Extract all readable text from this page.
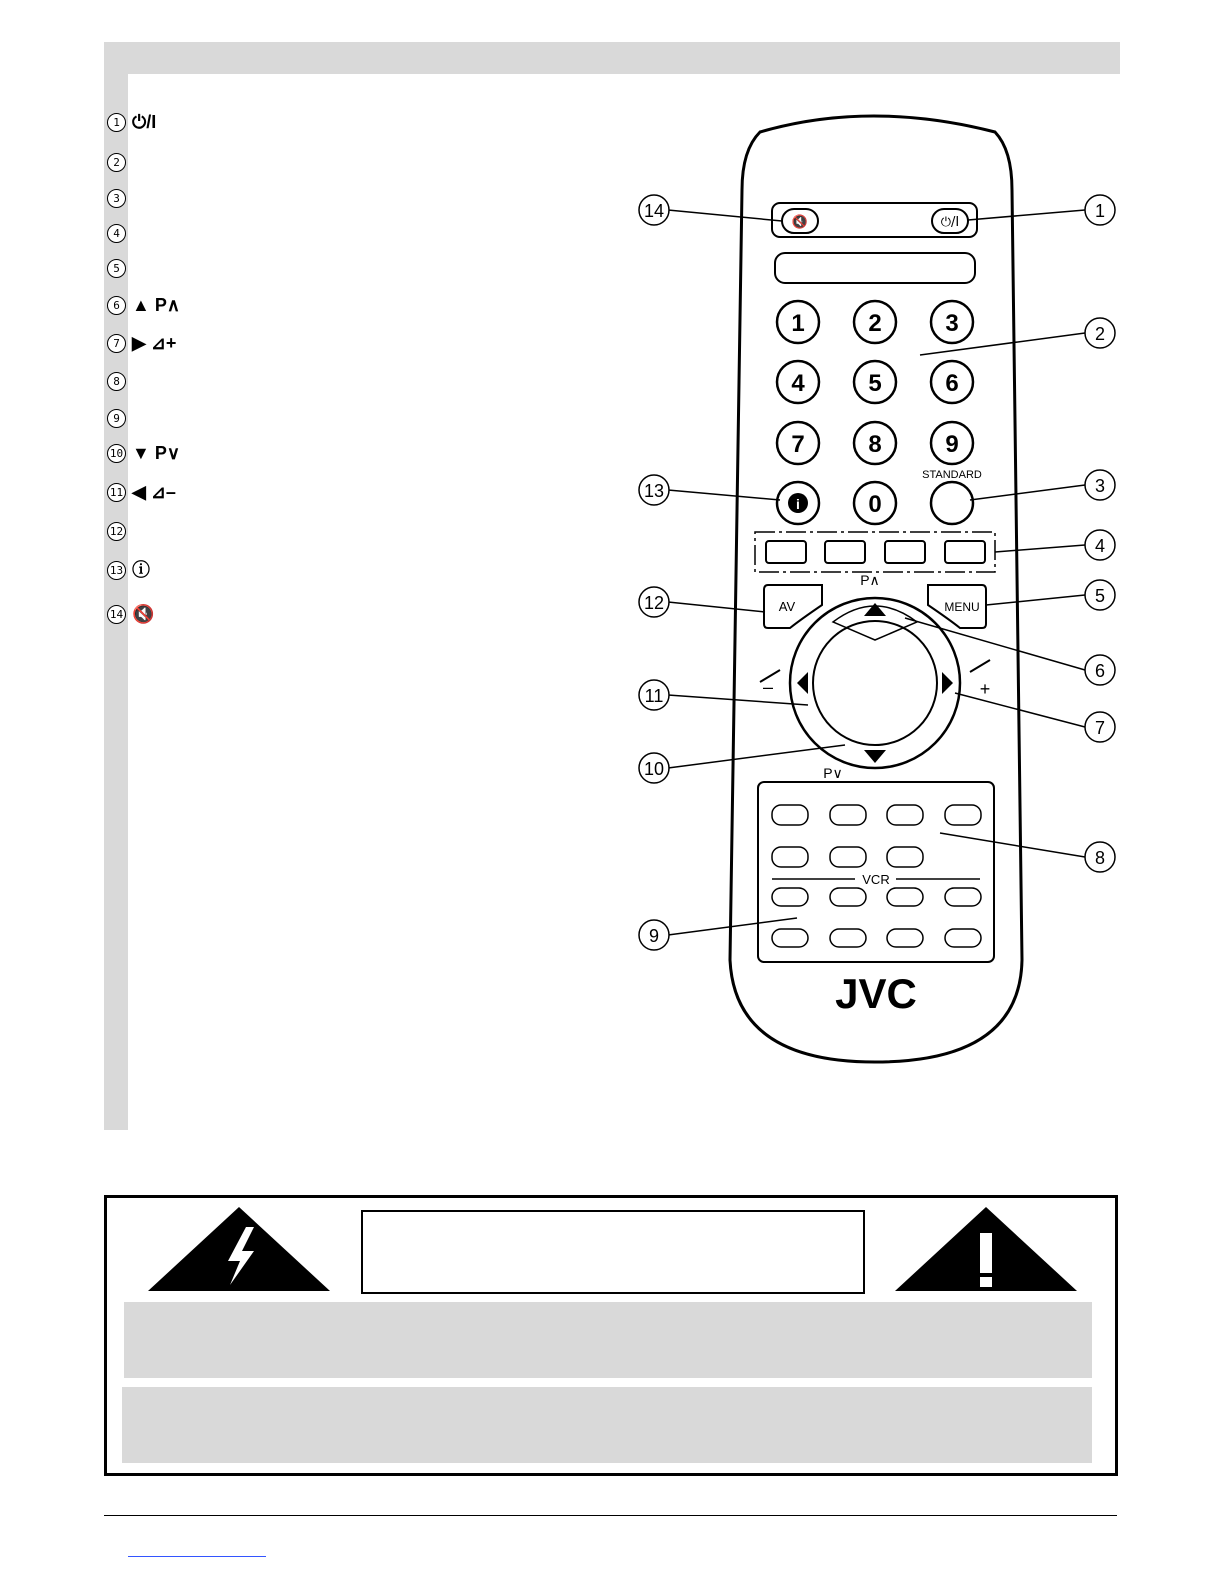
1 ⏻/I
2
3
4
5
6 ▲ P∧
7 ▶ ⊿+
8
9
10 ▼ P∨
11 ◀ ⊿–
12
13 ⓘ
14 🔇
🔇	⏻/I
1	2	3
4	5	6
7	8	9
i	0
STANDARD
AV	MENU
P∧
P∨
+
–
VCR
JVC
1
2
3
4
5
6
7
8
9
10
11
12
13
14
